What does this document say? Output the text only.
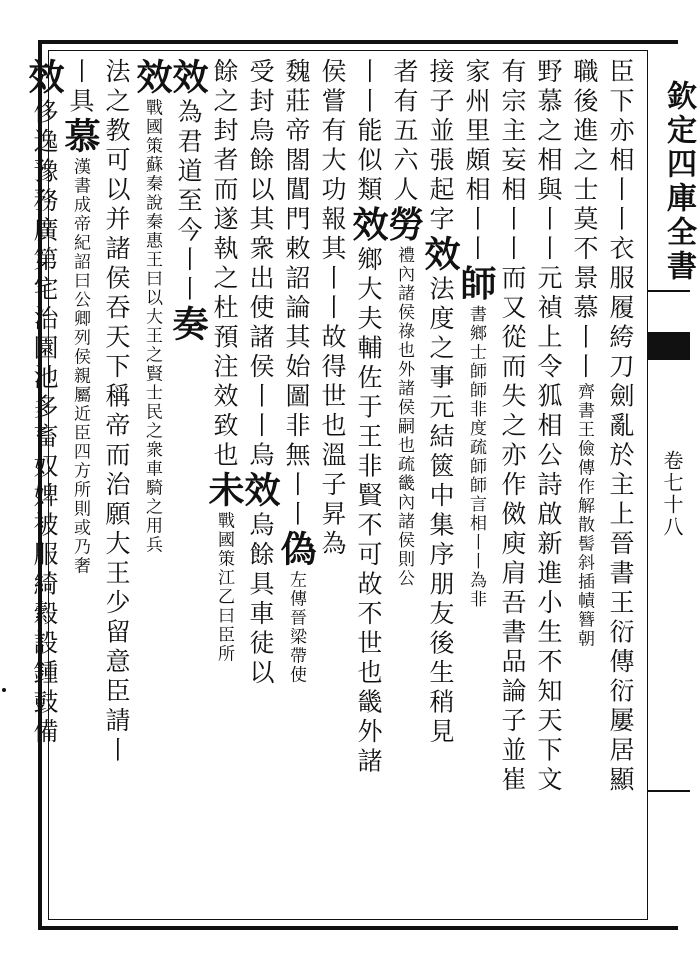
欽定四庫全書
卷七十八
臣下亦相丨丨衣服履絝刀劍亂於主上晉書王衍傳衍屢居顯
職後進之士莫不景慕丨丨齊書王儉傳作解散髻斜插幘簪朝
野慕之相與丨丨元禎上令狐相公詩啟新進小生不知天下文
有宗主妄相丨丨而又從而失之亦作傚庾肩吾書品論子並崔
家州里頗相丨丨師書鄉士師師非度疏師師言相丨丨為非
接子並張起字效法度之事元結篋中集序朋友後生稍見
者有五六人勞禮內諸侯祿也外諸侯嗣也疏畿內諸侯則公
丨丨能似類效鄉大夫輔佐于王非賢不可故不世也畿外諸
侯嘗有大功報其丨丨故得世也溫子昇為
魏莊帝閤閶門敕詔論其始圖非無丨丨偽左傳晉梁帶使
受封烏餘以其衆出使諸侯丨丨烏效烏餘具車徒以
餘之封者而遂執之杜預注效致也未戰國策江乙曰臣所
效為君道至今丨丨奏
效戰國策蘇秦說秦惠王曰以大王之賢士民之衆車騎之用兵
法之教可以并諸侯吞天下稱帝而治願大王少留意臣請丨
丨具慕漢書成帝紀詔曰公卿列侯親屬近臣四方所則或乃奢
效侈逸豫務廣第宅治園池多畜奴婢被服綺縠設鍾鼓備
